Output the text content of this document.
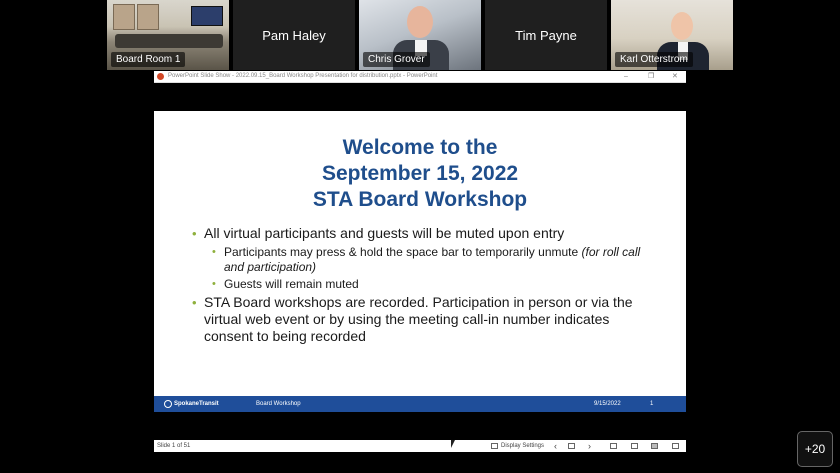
Board Room 1
Pam Haley
Chris Grover
Tim Payne
Karl Otterstrom
PowerPoint Slide Show - 2022.09.15_Board Workshop Presentation for distribution.pptx - PowerPoint	–	❐	✕
Welcome to the
September 15, 2022
STA Board Workshop
• All virtual participants and guests will be muted upon entry
• Participants may press & hold the space bar to temporarily unmute (for roll call and participation)
• Guests will remain muted
• STA Board workshops are recorded. Participation in person or via the virtual web event or by using the meeting call-in number indicates consent to being recorded
SpokaneTransit	Board Workshop	9/15/2022	1
Slide 1 of 51	Display Settings ‹	›	+20
